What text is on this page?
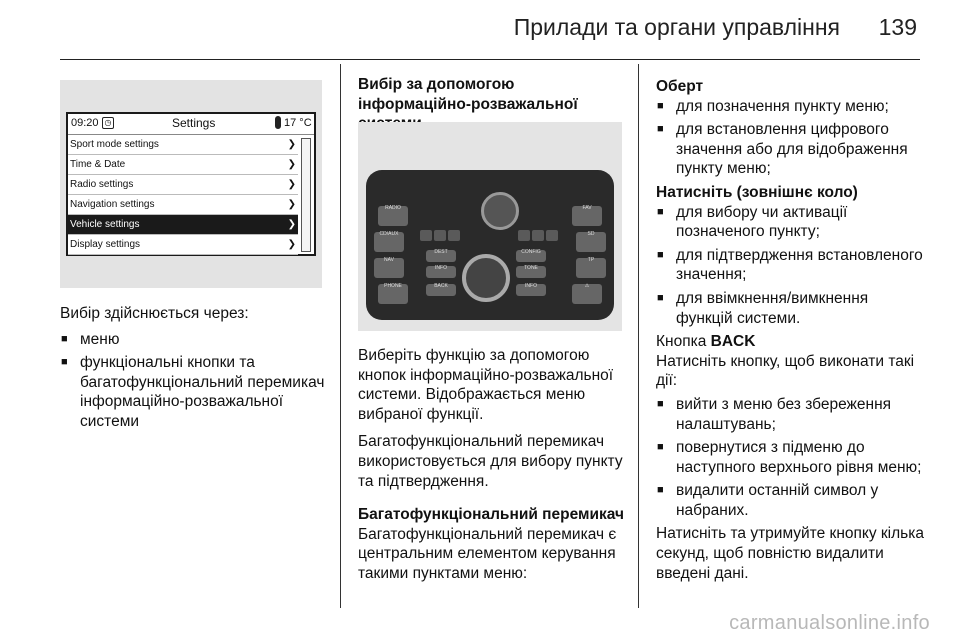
Прилади та органи управління 139
09:20 ◷	Settings	17 °C
Sport mode settings	❯
Time & Date	❯
Radio settings	❯
Navigation settings	❯
Vehicle settings	❯
Display settings	❯
Вибір здійснюється через:
■ меню
■ функціональні кнопки та багатофункціональний перемикач інформаційно-розважальної системи
Вибір за допомогою інформаційно-розважальної
RADIO
CD/AUX
NAV
PHONE
FAV
SD
TP
⚠
DEST	CONFIG
INFO	TONE
BACK	INFO
Виберіть функцію за допомогою кнопок інформаційно-розважальної системи. Відображається меню вибраної функції.
Багатофункціональний перемикач використовується для вибору пункту та підтвердження.
Багатофункціональний перемикач
Багатофункціональний перемикач є центральним елементом керування такими пунктами меню:
Оберт
■ для позначення пункту меню;
■ для встановлення цифрового значення або для відображення пункту меню;
Натисніть (зовнішнє коло)
■ для вибору чи активації позначеного пункту;
■ для підтвердження встановленого значення;
■ для ввімкнення/вимкнення функцій системи.
Кнопка BACK
Натисніть кнопку, щоб виконати такі дії:
■ вийти з меню без збереження налаштувань;
■ повернутися з підменю до наступного верхнього рівня меню;
■ видалити останній символ у набраних.
Натисніть та утримуйте кнопку кілька секунд, щоб повністю видалити введені дані.
carmanualsonline.info
